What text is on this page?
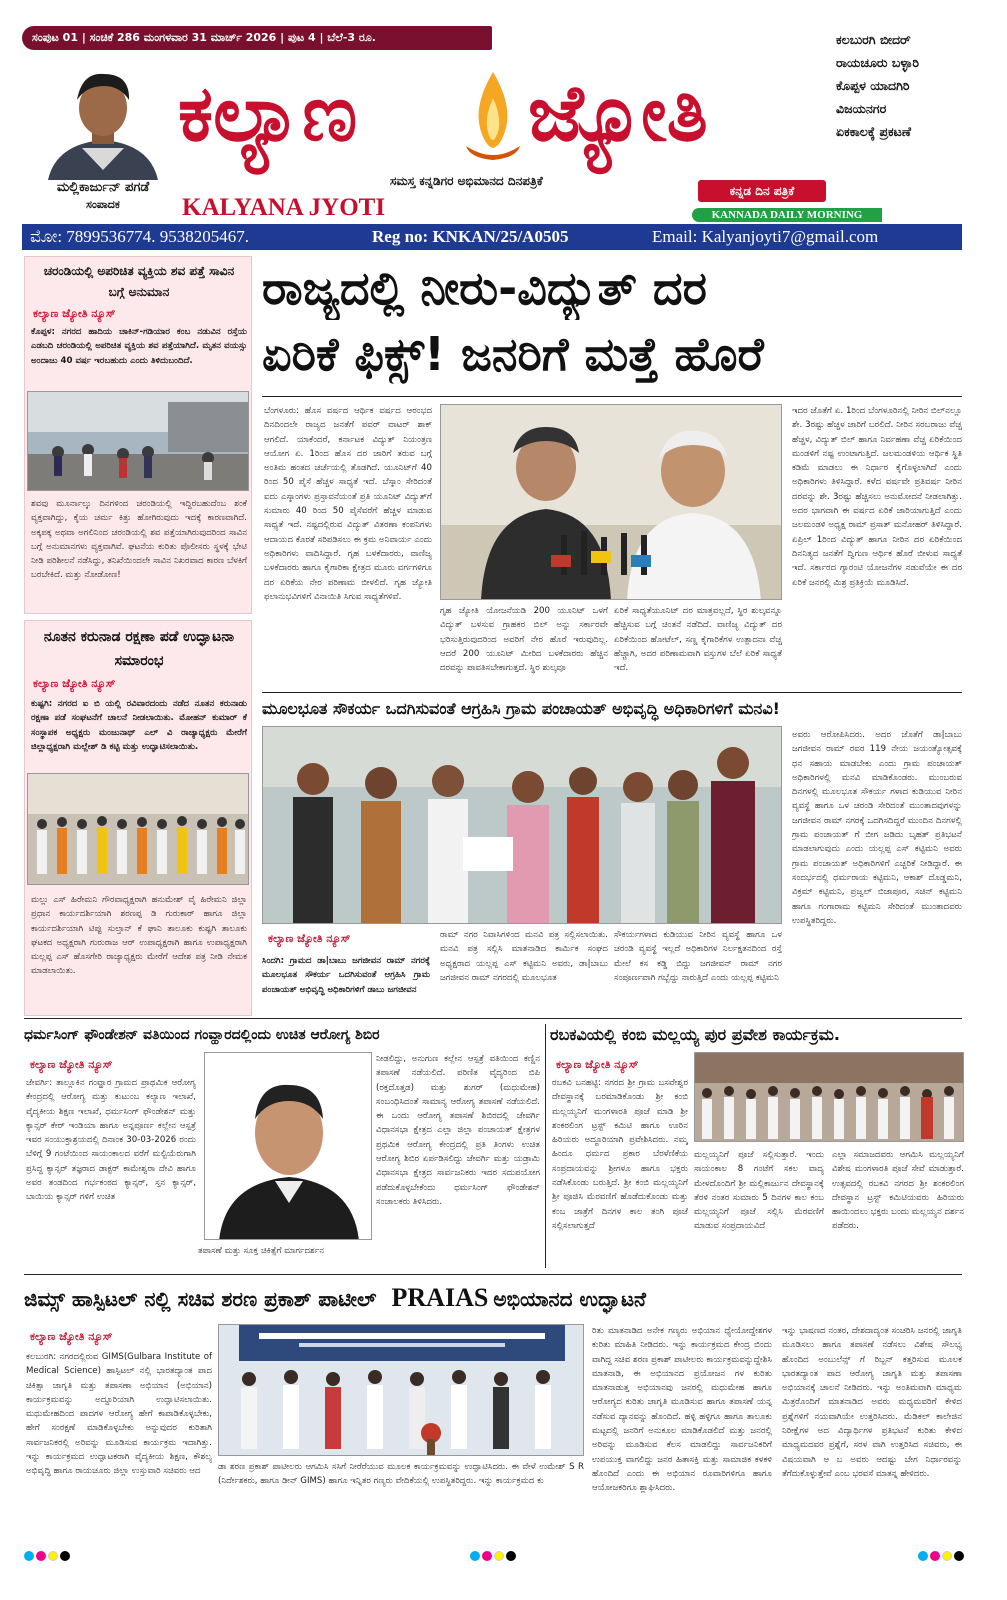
ಸಂಪುಟ 01 | ಸಂಚಿಕೆ 286 ಮಂಗಳವಾರ 31 ಮಾರ್ಚ್ 2026 | ಪುಟ 4 | ಬೆಲೆ-3 ರೂ.
ಮಲ್ಲಿಕಾರ್ಜುನ್ ಪಗಡೆ
ಸಂಪಾದಕ
ಕಲ್ಯಾಣ ಜ್ಯೋತಿ
ಸಮಸ್ತ ಕನ್ನಡಿಗರ ಅಭಿಮಾನದ ದಿನಪತ್ರಿಕೆ
KALYANA JYOTI
ಕನ್ನಡ ದಿನ ಪತ್ರಿಕೆ
KANNADA DAILY MORNING
ಕಲಬುರಗಿ ಬೀದರ್
ರಾಯಚೂರು ಬಳ್ಳಾರಿ
ಕೊಪ್ಪಳ ಯಾದಗಿರಿ
ವಿಜಯನಗರ
ಏಕಕಾಲಕ್ಕೆ ಪ್ರಕಟಣೆ
ಮೋ: 7899536774. 9538205467.	Reg no: KNKAN/25/A0505	Email: Kalyanjoyti7@gmail.com
ಚರಂಡಿಯಲ್ಲಿ ಅಪರಿಚಿತ ವ್ಯಕ್ತಿಯ ಶವ ಪತ್ತೆ ಸಾವಿನ ಬಗ್ಗೆ ಅನುಮಾನ
ಕಲ್ಯಾಣ ಜ್ಯೋತಿ ನ್ಯೂಸ್
ಕೊಪ್ಪಳ: ನಗರದ ಹಾದಿಯ ಚಾಕಿನ್-ಗಡಿಯಾರ ಕಂಬ ನಡುವಿನ ರಸ್ತೆಯ ಎಡಬದಿ ಚರಂಡಿಯಲ್ಲಿ ಅಪರಿಚಿತ ವ್ಯಕ್ತಿಯ ಶವ ಪತ್ತೆಯಾಗಿದೆ. ಮೃತನ ವಯಸ್ಸು ಅಂದಾಜು 40 ವರ್ಷ ಇರಬಹುದು ಎಂದು ತಿಳಿದುಬಂದಿದೆ.
ಶವವು ಮೂರ್ನಾಲ್ಕು ದಿನಗಳಿಂದ ಚರಂಡಿಯಲ್ಲಿ ಇದ್ದಿರಬಹುದೆಂಬ ಶಂಕೆ ವ್ಯಕ್ತವಾಗಿದ್ದು, ಕೈಯ ಚರ್ಮ ಕಿತ್ತು ಹೋಗಿರುವುದು ಇದಕ್ಕೆ ಕಾರಣವಾಗಿದೆ. ಅಕ್ಕಪಕ್ಕ ಅಥವಾ ಅಗಲಿನಿಂದ ಚರಂಡಿಯಲ್ಲಿ ಶವ ಪತ್ತೆಯಾಗಿರುವುದರಿಂದ ಸಾವಿನ ಬಗ್ಗೆ ಅನುಮಾನಗಳು ವ್ಯಕ್ತವಾಗಿವೆ. ಘಟನೆಯ ಕುರಿತು ಪೊಲೀಸರು ಸ್ಥಳಕ್ಕೆ ಭೇಟಿ ನೀಡಿ ಪರಿಶೀಲನೆ ನಡೆಸಿದ್ದು, ತನಿಖೆಯಿಂದಲೇ ಸಾವಿನ ನಿಖರವಾದ ಕಾರಣ ಬೆಳಕಿಗೆ ಬರಬೇಕಿದೆ. ಮತ್ತು ನೋಡೋಣ!
ನೂತನ ಕರುನಾಡ ರಕ್ಷಣಾ ಪಡೆ ಉದ್ಘಾಟನಾ ಸಮಾರಂಭ
ಕಲ್ಯಾಣ ಜ್ಯೋತಿ ನ್ಯೂಸ್
ಕುಷ್ಟಗಿ: ನಗರದ ಐ ಬಿ ಯಲ್ಲಿ ರವಿವಾರದಂದು ನಡೆದ ನೂತನ ಕರುನಾಡು ರಕ್ಷಣಾ ಪಡೆ ಸಂಘಟನೆಗೆ ಚಾಲನೆ ನೀಡಲಾಯಿತು. ಮೋಹನ್ ಕುಮಾರ್ ಕೆ ಸಂಸ್ಥಾಪಕ ಅಧ್ಯಕ್ಷರು ಮಂಜುನಾಥ್ ಎಲ್ ವಿ ರಾಜ್ಯಾಧ್ಯಕ್ಷರು ಮೇರೆಗೆ ಜಿಲ್ಲಾಧ್ಯಕ್ಷರಾಗಿ ಮಲ್ಲೇಶ್ ಡಿ ಕಟ್ಟಿ ಮತ್ತು ಉದ್ಘಾಟಿಸಲಾಯಿತು.
ಮಲ್ಲು ಎಸ್ ಹಿರೇಮನಿ ಗೌರವಾಧ್ಯಕ್ಷರಾಗಿ ಹನುಮೇಶ್ ವೈ ಹಿರೇಮನಿ ಜಿಲ್ಲಾ ಪ್ರಧಾನ ಕಾರ್ಯದರ್ಶಿಯಾಗಿ ಶರಣಪ್ಪ ಡಿ ಗುರುಕಾರ್ ಹಾಗೂ ಜಿಲ್ಲಾ ಕಾರ್ಯದರ್ಶಿಯಾಗಿ ಟಿಪ್ಪು ಸುಲ್ತಾನ್ ಕೆ ಘಾನಿ ತಾಲೂಕು ಕುಷ್ಟಗಿ ತಾಲೂಕು ಘಟಕದ ಅಧ್ಯಕ್ಷರಾಗಿ ಗುರುರಾಜ ಆರ್ ಉಪಾಧ್ಯಕ್ಷರಾಗಿ ಹಾಗೂ ಉಪಾಧ್ಯಕ್ಷರಾಗಿ ಮಲ್ಲಪ್ಪ ಎಸ್ ಹೊಸಗೇರಿ ರಾಜ್ಯಾಧ್ಯಕ್ಷರು ಮೇರೆಗೆ ಆದೇಶ ಪತ್ರ ನೀಡಿ ನೇಮಕ ಮಾಡಲಾಯಿತು.
ರಾಜ್ಯದಲ್ಲಿ ನೀರು-ವಿದ್ಯುತ್ ದರ
ಏರಿಕೆ ಫಿಕ್ಸ್! ಜನರಿಗೆ ಮತ್ತೆ ಹೊರೆ
ಬೆಂಗಳೂರು: ಹೊಸ ವರ್ಷದ ಆರ್ಥಿಕ ವರ್ಷದ ಆರಂಭದ ದಿನದಿಂದಲೇ ರಾಜ್ಯದ ಜನತೆಗೆ ಪವರ್ ವಾಟರ್ ಶಾಕ್ ಆಗಲಿದೆ. ಯಾಕೆಂದರೆ, ಕರ್ನಾಟಕ ವಿದ್ಯುತ್ ನಿಯಂತ್ರಣ ಆಯೋಗ ಏ. 1ರಿಂದ ಹೊಸ ದರ ಜಾರಿಗೆ ತರುವ ಬಗ್ಗೆ ಅಂತಿಮ ಹಂತದ ಚರ್ಚೆಯಲ್ಲಿ ತೊಡಗಿದೆ. ಯೂನಿಟ್‌ಗೆ 40 ರಿಂದ 50 ಪೈಸೆ ಹೆಚ್ಚಳ ಸಾಧ್ಯತೆ ಇದೆ. ಬೆಸ್ಕಾಂ ಸೇರಿದಂತೆ ಐದು ಎಸ್ಕಾಂಗಳು ಪ್ರಸ್ತಾವನೆಯಂತೆ ಪ್ರತಿ ಯೂನಿಟ್ ವಿದ್ಯುತ್‌ಗೆ ಸುಮಾರು 40 ರಿಂದ 50 ಪೈಸೆವರೆಗೆ ಹೆಚ್ಚಳ ಮಾಡುವ ಸಾಧ್ಯತೆ ಇದೆ. ನಷ್ಟದಲ್ಲಿರುವ ವಿದ್ಯುತ್ ವಿತರಣಾ ಕಂಪನಿಗಳು ಆದಾಯದ ಕೊರತೆ ಸರಿಪಡಿಸಲು ಈ ಕ್ರಮ ಅನಿವಾರ್ಯ ಎಂದು ಅಧಿಕಾರಿಗಳು ವಾದಿಸಿದ್ದಾರೆ. ಗೃಹ ಬಳಕೆದಾರರು, ವಾಣಿಜ್ಯ ಬಳಕೆದಾರರು ಹಾಗೂ ಕೈಗಾರಿಕಾ ಕ್ಷೇತ್ರದ ಮೂರು ವರ್ಗಗಳಿಗೂ ದರ ಏರಿಕೆಯ ನೇರ ಪರಿಣಾಮ ಬೀಳಲಿದೆ. ಗೃಹ ಜ್ಯೋತಿ ಫಲಾನುಭವಿಗಳಿಗೆ ವಿನಾಯಿತಿ ಸಿಗುವ ಸಾಧ್ಯತೆಗಳಿವೆ.
ಗೃಹ ಜ್ಯೋತಿ ಯೋಜನೆಯಡಿ 200 ಯೂನಿಟ್ ಒಳಗೆ ವಿದ್ಯುತ್ ಬಳಸುವ ಗ್ರಾಹಕರ ಬಿಲ್ ಅನ್ನು ಸರ್ಕಾರವೇ ಭರಿಸುತ್ತಿರುವುದರಿಂದ ಅವರಿಗೆ ನೇರ ಹೊರೆ ಇರುವುದಿಲ್ಲ. ಆದರೆ 200 ಯೂನಿಟ್ ಮೀರಿದ ಬಳಕೆದಾರರು ಹೆಚ್ಚಿನ ದರವನ್ನು ಪಾವತಿಸಬೇಕಾಗುತ್ತದೆ. ಸ್ಥಿರ ಶುಲ್ಕವೂ
ಏರಿಕೆ ಸಾಧ್ಯತೆಯೂನಿಟ್ ದರ ಮಾತ್ರವಲ್ಲದೆ, ಸ್ಥಿರ ಶುಲ್ಕವನ್ನೂ ಹೆಚ್ಚಿಸುವ ಬಗ್ಗೆ ಚಿಂತನೆ ನಡೆದಿದೆ. ವಾಣಿಜ್ಯ ವಿದ್ಯುತ್ ದರ ಏರಿಕೆಯಿಂದ ಹೋಟೆಲ್, ಸಣ್ಣ ಕೈಗಾರಿಕೆಗಳ ಉತ್ಪಾದನಾ ವೆಚ್ಚ ಹೆಚ್ಚಾಗಿ, ಅದರ ಪರಿಣಾಮವಾಗಿ ವಸ್ತುಗಳ ಬೆಲೆ ಏರಿಕೆ ಸಾಧ್ಯತೆ ಇದೆ.
ಇದರ ಜೊತೆಗೆ ಏ. 1ರಿಂದ ಬೆಂಗಳೂರಿನಲ್ಲಿ ನೀರಿನ ಬಿಲ್‌ನಲ್ಲೂ ಶೇ. 3ರಷ್ಟು ಹೆಚ್ಚಳ ಜಾರಿಗೆ ಬರಲಿದೆ. ನೀರಿನ ಸರಬರಾಜು ವೆಚ್ಚ ಹೆಚ್ಚಳ, ವಿದ್ಯುತ್ ಬಿಲ್ ಹಾಗೂ ನಿರ್ವಹಣಾ ವೆಚ್ಚ ಏರಿಕೆಯಿಂದ ಮಂಡಳಿಗೆ ನಷ್ಟ ಉಂಟಾಗುತ್ತಿದೆ. ಜಲಮಂಡಳಿಯ ಆರ್ಥಿಕ ಸ್ಥಿತಿ ಕಡಿಮೆ ಮಾಡಲು ಈ ನಿರ್ಧಾರ ಕೈಗೊಳ್ಳಲಾಗಿದೆ ಎಂದು ಅಧಿಕಾರಿಗಳು ತಿಳಿಸಿದ್ದಾರೆ. ಕಳೆದ ವರ್ಷವೇ ಪ್ರತಿವರ್ಷ ನೀರಿನ ದರವನ್ನು ಶೇ. 3ರಷ್ಟು ಹೆಚ್ಚಿಸಲು ಅನುಮೋದನೆ ನೀಡಲಾಗಿತ್ತು. ಅದರ ಭಾಗವಾಗಿ ಈ ವರ್ಷದ ಏರಿಕೆ ಜಾರಿಯಾಗುತ್ತಿದೆ ಎಂದು ಜಲಮಂಡಳಿ ಅಧ್ಯಕ್ಷ ರಾಮ್ ಪ್ರಸಾತ್ ಮನೋಹರ್ ತಿಳಿಸಿದ್ದಾರೆ. ಏಪ್ರಿಲ್ 1ರಿಂದ ವಿದ್ಯುತ್ ಹಾಗೂ ನೀರಿನ ದರ ಏರಿಕೆಯಿಂದ ದಿನನಿತ್ಯದ ಜನತೆಗೆ ದ್ವಿಗುಣ ಆರ್ಥಿಕ ಹೊರೆ ಬೀಳುವ ಸಾಧ್ಯತೆ ಇದೆ. ಸರ್ಕಾರದ ಗ್ಯಾರಂಟಿ ಯೋಜನೆಗಳ ನಡುವೆಯೇ ಈ ದರ ಏರಿಕೆ ಜನರಲ್ಲಿ ಮಿಶ್ರ ಪ್ರತಿಕ್ರಿಯೆ ಮೂಡಿಸಿದೆ.
ಮೂಲಭೂತ ಸೌಕರ್ಯ ಒದಗಿಸುವಂತೆ ಆಗ್ರಹಿಸಿ ಗ್ರಾಮ ಪಂಚಾಯತ್ ಅಭಿವೃದ್ಧಿ ಅಧಿಕಾರಿಗಳಿಗೆ ಮನವಿ!
ಕಲ್ಯಾಣ ಜ್ಯೋತಿ ನ್ಯೂಸ್
ಸಿಂದಗಿ: ಗ್ರಾಮದ ಡಾ|ಬಾಬು ಜಗಜೀವನ ರಾಮ್ ನಗರಕ್ಕೆ ಮೂಲಭೂತ ಸೌಕರ್ಯ ಒದಗಿಸುವಂತೆ ಆಗ್ರಹಿಸಿ ಗ್ರಾಮ ಪಂಚಾಯತ್ ಅಭಿವೃದ್ಧಿ ಅಧಿಕಾರಿಗಳಿಗೆ ಡಾಬು ಜಗಜೀವನ
ರಾಮ್ ನಗರ ನಿವಾಸಿಗಳಿಂದ ಮನವಿ ಪತ್ರ ಸಲ್ಲಿಸಲಾಯಿತು. ಮನವಿ ಪತ್ರ ಸಲ್ಲಿಸಿ ಮಾತನಾಡಿದ ಕಾರ್ಮಿಕ ಸಂಘದ ಅಧ್ಯಕ್ಷರಾದ ಯಲ್ಲಪ್ಪ ಎಸ್ ಕಟ್ಟಿಮನಿ ಅವರು, ಡಾ|ಬಾಬು ಜಗಜೀವನ ರಾಮ್ ನಗರದಲ್ಲಿ ಮೂಲಭೂತ
ಸೌಕರ್ಯಗಳಾದ ಕುಡಿಯುವ ನೀರಿನ ವ್ಯವಸ್ಥೆ ಹಾಗೂ ಒಳ ಚರಂಡಿ ವ್ಯವಸ್ಥೆ ಇಲ್ಲದೆ ಅಧಿಕಾರಿಗಳ ನಿರ್ಲಕ್ಷತನದಿಂದ ರಸ್ತೆ ಮೇಲೆ ಕಸ ಕಡ್ಡಿ ಬಿದ್ದು ಜಗಜೀವನ್ ರಾಮ್ ನಗರ ಸಂಪೂರ್ಣವಾಗಿ ಗಬ್ಬೆದ್ದು ನಾರುತ್ತಿದೆ ಎಂದು ಯಲ್ಲಪ್ಪ ಕಟ್ಟಿಮನಿ
ಅವರು ಆರೋಪಿಸಿದರು. ಅದರ ಜೊತೆಗೆ ಡಾ|ಬಾಬು ಜಗಜೀವನ ರಾಮ್ ರವರ 119 ನೇಯ ಜಯಂತ್ಯೋತ್ಸವಕ್ಕೆ ಧನ ಸಹಾಯ ಮಾಡಬೇಕು ಎಂದು ಗ್ರಾಮ ಪಂಚಾಯತ್ ಅಧಿಕಾರಿಗಳಲ್ಲಿ ಮನವಿ ಮಾಡಿಕೊಂಡರು. ಮುಂಬರುವ ದಿನಗಳಲ್ಲಿ ಮೂಲಭೂತ ಸೌಕರ್ಯ ಗಳಾದ ಕುಡಿಯುವ ನೀರಿನ ವ್ಯವಸ್ಥೆ ಹಾಗೂ ಒಳ ಚರಂಡಿ ಸೇರಿದಂತೆ ಮುಂತಾದವುಗಳನ್ನು ಜಗಜೀವನ ರಾಮ್ ನಗರಕ್ಕೆ ಒದಗಿಸದಿದ್ದರೆ ಮುಂದಿನ ದಿನಗಳಲ್ಲಿ ಗ್ರಾಮ ಪಂಚಾಯತ್ ಗೆ ಬೀಗ ಜಡಿದು ಬೃಹತ್ ಪ್ರತಿಭಟನೆ ಮಾಡಲಾಗುವುದು ಎಂದು ಯಲ್ಲಪ್ಪ ಎಸ್ ಕಟ್ಟಿಮನಿ ಅವರು ಗ್ರಾಮ ಪಂಚಾಯತ್ ಅಧಿಕಾರಿಗಳಿಗೆ ಎಚ್ಚರಿಕೆ ನೀಡಿದ್ದಾರೆ. ಈ ಸಂದರ್ಭದಲ್ಲಿ ಧರ್ಮರಾಯ ಕಟ್ಟಿಮನಿ, ಆಕಾಶ್ ದೊಡ್ಡಮನಿ, ವಿಕ್ರಮ್ ಕಟ್ಟಿಮನಿ, ಪ್ರಜ್ವಲ್ ಬಿಜಾಪೂರ, ಸಚಿನ್ ಕಟ್ಟಿಮನಿ ಹಾಗೂ ಗಂಗಾರಾಮ ಕಟ್ಟಿಮನಿ ಸೇರಿದಂತೆ ಮುಂತಾದವರು ಉಪಸ್ಥಿತರಿದ್ದರು.
ಧರ್ಮಸಿಂಗ್ ಫೌಂಡೇಶನ್ ವತಿಯಿಂದ ಗಂವ್ಹಾರದಲ್ಲಿಂದು ಉಚಿತ ಆರೋಗ್ಯ ಶಿಬಿರ
ಕಲ್ಯಾಣ ಜ್ಯೋತಿ ನ್ಯೂಸ್
ಜೇವರ್ಗಿ: ತಾಲ್ಲೂಕಿನ ಗಂವ್ಹಾರ ಗ್ರಾಮದ ಪ್ರಾಥಮಿಕ ಆರೋಗ್ಯ ಕೇಂದ್ರದಲ್ಲಿ ಆರೋಗ್ಯ ಮತ್ತು ಕುಟುಂಬ ಕಲ್ಯಾಣ ಇಲಾಖೆ, ವೈದ್ಯಕೀಯ ಶಿಕ್ಷಣ ಇಲಾಖೆ, ಧರ್ಮಸಿಂಗ್ ಫೌಂಡೇಶನ್ ಮತ್ತು ಕ್ಯಾನ್ಸರ್ ಕೇರ್ ಇಂಡಿಯಾ ಹಾಗೂ ಅನ್ನಪೂರ್ಣ ಕಲ್ಲೇನ ಆಸ್ಪತ್ರೆ ಇವರ ಸಂಯುಕ್ತಾಶ್ರಯದಲ್ಲಿ ದಿನಾಂಕ 30-03-2026 ರಂದು ಬೆಳಿಗ್ಗೆ 9 ಗಂಟೆಯಿಂದ ಸಾಯಂಕಾಲದ ವರೆಗೆ ಮಲ್ಟಿಯೆರುಗಾಗಿ ಪ್ರಸಿದ್ಧ ಕ್ಯಾನ್ಸರ್ ತಜ್ಞರಾದ ಡಾಕ್ಟರ್ ಕಾಮೇಶ್ವರಾ ದೇವಿ ಹಾಗೂ ಅವರ ತಂಡದಿಂದ ಗರ್ಭಕಂಠದ ಕ್ಯಾನ್ಸರ್, ಸ್ತನ ಕ್ಯಾನ್ಸರ್, ಬಾಯಿಯ ಕ್ಯಾನ್ಸರ್ ಗಳಿಗೆ ಉಚಿತ
ತಪಾಸಣೆ ಮತ್ತು ಸೂಕ್ತ ಚಿಕಿತ್ಸೆಗೆ ಮಾರ್ಗದರ್ಶನ
ನೀಡಲಿದ್ದು, ಅನುಗುಣ ಕಲ್ಲೇನ ಆಸ್ಪತ್ರೆ ವತಿಯಿಂದ ಕಣ್ಣಿನ ತಪಾಸಣೆ ನಡೆಯಲಿದೆ. ಪರಿಣಿತ ವೈದ್ಯರಿಂದ ಬಿಪಿ (ರಕ್ತದೊತ್ತಡ) ಮತ್ತು ಶುಗರ್ (ಮಧುಮೇಹ) ಸಂಬಂಧಿಸಿದಂತೆ ಸಾಮಾನ್ಯ ಆರೋಗ್ಯ ತಪಾಸಣೆ ನಡೆಯಲಿದೆ. ಈ ಒಂದು ಆರೋಗ್ಯ ತಪಾಸಣೆ ಶಿಬಿರದಲ್ಲಿ ಜೇವರ್ಗಿ ವಿಧಾನಸಭಾ ಕ್ಷೇತ್ರದ ಎಲ್ಲಾ ಜಿಲ್ಲಾ ಪಂಚಾಯತ್ ಕ್ಷೇತ್ರಗಳ ಪ್ರಥಮಿಕ ಆರೋಗ್ಯ ಕೇಂದ್ರದಲ್ಲಿ ಪ್ರತಿ ತಿಂಗಳು ಉಚಿತ ಆರೋಗ್ಯ ಶಿಬಿರ ಏರ್ಪಡಿಸಲಿದ್ದು ಜೇವರ್ಗಿ ಮತ್ತು ಯಡ್ರಾಮಿ ವಿಧಾನಸಭಾ ಕ್ಷೇತ್ರದ ಸಾರ್ವಜನಿಕರು ಇದರ ಸದುಪಯೋಗ ಪಡೆದುಕೊಳ್ಳಬೇಕೆಂದು ಧರ್ಮಸಿಂಗ್ ಫೌಂಡೇಶನ್ ಸಂಚಾಲಕರು ತಿಳಿಸಿದರು.
ರಬಕವಿಯಲ್ಲಿ ಕಂಬಿ ಮಲ್ಲಯ್ಯ ಪುರ ಪ್ರವೇಶ ಕಾರ್ಯಕ್ರಮ.
ಕಲ್ಯಾಣ ಜ್ಯೋತಿ ನ್ಯೂಸ್
ರಬಕವಿ ಬನಹಟ್ಟಿ: ನಗರದ ಶ್ರೀ ಗ್ರಾಮ ಬಸವೇಶ್ವರ ದೇವಸ್ಥಾನಕ್ಕೆ ಬರಮಾಡಿಕೊಂಡು ಶ್ರೀ ಕಂಬಿ ಮಲ್ಲಯ್ಯನಿಗೆ ಮಂಗಳಾರತಿ ಪೂಜೆ ಮಾಡಿ ಶ್ರೀ ಶಂಕರಲಿಂಗ ಟ್ರಸ್ಟ್ ಕಮಿಟಿ ಹಾಗೂ ಊರಿನ ಹಿರಿಯರು ಅದ್ಧೂರಿಯಾಗಿ ಪ್ರವೇಶಿಸಿದರು. ನಮ್ಮ ಹಿಂದೂ ಧರ್ಮದ ಪ್ರಕಾರ ಬೆರಳೆಣಿಕೆಯ ಸಂಪ್ರದಾಯವನ್ನು ಶ್ರೀಗಳೂ ಹಾಗೂ ಭಕ್ತರು ನಡೆಸಿಕೊಂಡು ಬರುತ್ತಿದೆ. ಶ್ರೀ ಕಂಬಿ ಮಲ್ಲಯ್ಯನಿಗೆ ಶ್ರೀ ಪೂಜಿಸಿ ಮೆರವಣಿಗೆ ಹೊಡೆದುಕೊಂಡು ಮತ್ತು ಕಂಬ ಜಾತ್ರೆಗೆ ದಿನಗಳ ಕಾಲ ತಂಗಿ ಪೂಜೆ ಸಲ್ಲಿಸಲಾಗುತ್ತದೆ
ಮಲ್ಲಯ್ಯನಿಗೆ ಪೂಜೆ ಸಲ್ಲಿಸುತ್ತಾರೆ. ಇಂದು ಸಾಯಂಕಾಲ 8 ಗಂಟೆಗೆ ಸಕಲ ವಾದ್ಯ ಮೇಳದೊಂದಿಗೆ ಶ್ರೀ ಮಲ್ಲಿಕಾರ್ಜುನ ದೇವಸ್ಥಾನಕ್ಕೆ ತೆರಳಿ ನಂತರ ಸುಮಾರು 5 ದಿನಗಳ ಕಾಲ ಕಂಬ ಮಲ್ಲಯ್ಯನಿಗೆ ಪೂಜೆ ಸಲ್ಲಿಸಿ ಮೆರವಣಿಗೆ ಮಾಡುವ ಸಂಪ್ರದಾಯವಿದೆ
ಎಲ್ಲಾ ಸಮಾಜದವರು ಆಗಮಿಸಿ ಮಲ್ಲಯ್ಯನಿಗೆ ವಿಶೇಷ ಮಂಗಳಾರತಿ ಪೂಜೆ ಸೇವೆ ಮಾಡುತ್ತಾರೆ. ಉತ್ಸವದಲ್ಲಿ ರಬಕವಿ ನಗರದ ಶ್ರೀ ಶಂಕರಲಿಂಗ ದೇವಸ್ಥಾನ ಟ್ರಸ್ಟ್ ಕಮಿಟಿಯವರು ಹಿರಿಯರು ಹಾಯಿಂದಲು ಭಕ್ತರು ಬಂದು ಮಲ್ಲಯ್ಯನ ದರ್ಶನ ಪಡೆದರು.
ಜಿಮ್ಸ್ ಹಾಸ್ಪಿಟಲ್ ನಲ್ಲಿ ಸಚಿವ ಶರಣ ಪ್ರಕಾಶ್ ಪಾಟೀಲ್ PRAIAS ಅಭಿಯಾನದ ಉದ್ಘಾಟನೆ
ಕಲ್ಯಾಣ ಜ್ಯೋತಿ ನ್ಯೂಸ್
ಕಲಬುರಗಿ: ನಗರದಲ್ಲಿರುವ GIMS(Gulbara Institute of Medical Science) ಹಾಸ್ಪಿಟಲ್ ನಲ್ಲಿ ಭಾರತದ್ಯಾಂತ ಪಾದ ಚಿಕಿತ್ಸಾ ಜಾಗೃತಿ ಮತ್ತು ತಪಾಸಣಾ ಅಭಿಯಾನ (ಅಭಿಯಾನ) ಕಾರ್ಯಕ್ರಮವನ್ನು ಅದ್ದೂರಿಯಾಗಿ ಉದ್ಘಾಟಿಸಲಾಯಿತು. ಮಧುಮೇಹದಿಂದ ಪಾದಗಳ ಆರೋಗ್ಯ ಹೇಗೆ ಕಾಪಾಡಿಕೊಳ್ಳಬೇಕು, ಹೇಗೆ ಸಂರಕ್ಷಣೆ ಮಾಡಿಕೊಳ್ಳಬೇಕು ಅನ್ನುವುದರ ಕುರಿತಾಗಿ ಸಾರ್ವಜನಿಕರಲ್ಲಿ ಅರಿವನ್ನು ಮೂಡಿಸುವ ಕಾರ್ಯಕ್ರಮ ಇದಾಗಿತ್ತು. ಇನ್ನು ಕಾರ್ಯಕ್ರಮದ ಉದ್ಘಾಟಕರಾಗಿ ವೈದ್ಯಕೀಯ ಶಿಕ್ಷಣ, ಕೌಶಲ್ಯ ಅಭಿವೃದ್ಧಿ ಹಾಗೂ ರಾಯಚೂರು ಜಿಲ್ಲಾ ಉಸ್ತುವಾರಿ ಸಚಿವರು ಆದ	ಡಾ ಶರಣ ಪ್ರಕಾಶ್ ಪಾಟೀಲರು ಆಗಮಿಸಿ ಸಸಿಗೆ ನೀರೆರೆಯುವ ಮೂಲಕ ಕಾರ್ಯಕ್ರಮವನ್ನು ಉದ್ಘಾಟಿಸಿದರು. ಈ ವೇಳೆ ಉಮೇಶ್ S R (ನಿರ್ದೇಶಕರು, ಹಾಗೂ ಡೀನ್ GIMS) ಹಾಗೂ ಇನ್ನಿತರ ಗಣ್ಯರು ವೇದಿಕೆಯಲ್ಲಿ ಉಪಸ್ಥಿತರಿದ್ದರು. ಇನ್ನು ಕಾರ್ಯಕ್ರಮದ ಕು
ರಿತು ಮಾತನಾಡಿದ ಅನೇಕ ಗಣ್ಯರು ಅಭಿಯಾನ ಧ್ಯೇಯೋದ್ದೇಶಗಳ ಕುರಿತು ಮಾಹಿತಿ ನೀಡಿದರು. ಇನ್ನು ಕಾರ್ಯಕ್ರಮದ ಕೇಂದ್ರ ಬಿಂದು ವಾಗಿದ್ದ ಸಚಿವ ಶರಣ ಪ್ರಕಾಶ್ ಪಾಟೀಲರು ಕಾರ್ಯಕ್ರಮವನ್ನುದ್ದೇಶಿಸಿ ಮಾತನಾಡಿ, ಈ ಅಭಿಯಾನದ ಪ್ರಯೋಜನ ಗಳ ಕುರಿತು ಮಾತನಾಡುತ್ತ ಅಭಿಯಾನವು ಜನರಲ್ಲಿ ಮಧುಮೇಹ ಹಾಗೂ ಆರೋಗ್ಯದ ಕುರಿತು ಜಾಗೃತಿ ಮೂಡಿಸುವ ಹಾಗೂ ತಪಾಸಣೆ ಯನ್ನ ನಡೆಸುವ ದ್ಯಾನವನ್ನು ಹೊಂದಿದೆ. ಹಳ್ಳಿ ಹಳ್ಳಿಗೂ ಹಾಗೂ ತಾಲೂಕು ಮಟ್ಟದಲ್ಲಿ ಜನರಿಗೆ ಅನುಕೂಲ ಮಾಡಿಕೊಡಲಿದೆ ಮತ್ತು ಜನರಲ್ಲಿ ಅರಿವನ್ನು ಮೂಡಿಸುವ ಕೆಲಸ ಮಾಡಲಿದ್ದು ಸಾರ್ವಜನಿಕರಿಗೆ ಉಪಯುಕ್ತ ವಾಗಲಿದ್ದು ಜನರ ಹಿತಾಸಕ್ತಿ ಮತ್ತು ಸಾಮಾಜಿಕ ಕಳಕಳಿ ಹೊಂದಿದೆ ಎಂದು ಈ ಅಭಿಯಾನ ರೂವಾರಿಗಳಿಗೂ ಹಾಗೂ ಆಯೋಜಕರಿಗೂ ಶ್ಲಾಘಿಸಿದರು.
ಇನ್ನು ಭಾಷಣದ ನಂತರ, ದೇಶದಾದ್ಯಂತ ಸಂಚರಿಸಿ ಜನರಲ್ಲಿ ಜಾಗೃತಿ ಮೂಡಿಸಲು ಹಾಗೂ ತಪಾಸಣೆ ನಡೆಸಲು ವಿಶೇಷ ಸೌಲಭ್ಯ ಹೊಂದಿದ ಅಂಬುಲೆನ್ಸ್ ಗೆ ರಿಬ್ಬನ್ ಕತ್ತರಿಸುವ ಮೂಲಕ ಭಾರತದ್ಯಾಂತ ಪಾದ ಆರೋಗ್ಯ ಜಾಗೃತಿ ಮತ್ತು ತಪಾಸಣಾ ಅಭಿಯಾನಕ್ಕೆ ಚಾಲನೆ ನೀಡಿದರು. ಇನ್ನು ಅಂತಿಮವಾಗಿ ಮಾಧ್ಯಮ ಮಿತ್ರರೊಂದಿಗೆ ಮಾತನಾಡಿದ ಅವರು ಮಧ್ಯಮವರಿಗೆ ಕೇಳಿದ ಪ್ರಶ್ನೆಗಳಿಗೆ ನಯವಾಗಿಯೇ ಉತ್ತರಿಸಿದರು. ಮೆಡಿಕಲ್ ಕಾಲೇಜಿನ ನಿರೀಕ್ಷೆಗಳ ಅದ ವಿದ್ಯಾರ್ಥಿಗಳ ಪ್ರತಿಭಟನೆ ಕುರಿತು ಕೇಳಿದ ಮಾಧ್ಯಮದವರ ಪ್ರಶ್ನೆಗೆ, ಸರಳ ವಾಗಿ ಉತ್ತರಿಸಿದ ಸಚಿವರು, ಈ ವಿಷಯವಾಗಿ ಆ ಬ ಅವರು ಆದಷ್ಟು ಬೇಗ ನಿರ್ಧಾರವನ್ನು ತೆಗೆದುಕೊಳ್ಳುತ್ತೇವೆ ಎಂಬ ಭರವಸೆ ಮಾತನ್ನ ಹೇಳಿದರು.
